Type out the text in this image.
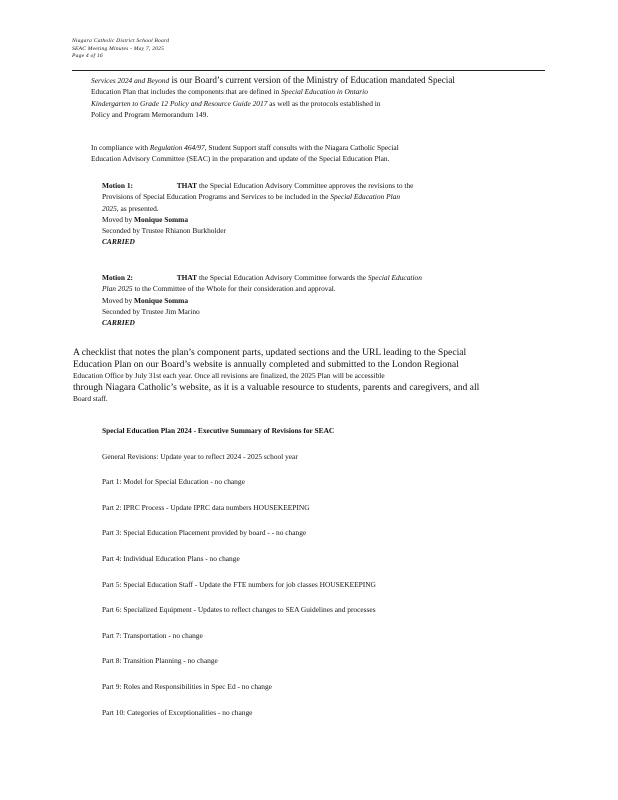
Niagara Catholic District School Board
SEAC Meeting Minutes - May 7, 2025
Page 4 of 16
Services 2024 and Beyond is our Board’s current version of the Ministry of Education mandated Special
Education Plan that includes the components that are defined in Special Education in Ontario
Kindergarten to Grade 12 Policy and Resource Guide 2017 as well as the protocols established in
Policy and Program Memorandum 149.
In compliance with Regulation 464/97, Student Support staff consults with the Niagara Catholic Special
Education Advisory Committee (SEAC) in the preparation and update of the Special Education Plan.
Motion 1:	THAT the Special Education Advisory Committee approves the revisions to the
Provisions of Special Education Programs and Services to be included in the Special Education Plan
2025, as presented.
Moved by Monique Somma
Seconded by Trustee Rhianon Burkholder
CARRIED
Motion 2:	THAT the Special Education Advisory Committee forwards the Special Education
Plan 2025 to the Committee of the Whole for their consideration and approval.
Moved by Monique Somma
Seconded by Trustee Jim Marino
CARRIED
A checklist that notes the plan’s component parts, updated sections and the URL leading to the Special
Education Plan on our Board’s website is annually completed and submitted to the London Regional
Education Office by July 31st each year. Once all revisions are finalized, the 2025 Plan will be accessible
through Niagara Catholic’s website, as it is a valuable resource to students, parents and caregivers, and all
Board staff.
Special Education Plan 2024 - Executive Summary of Revisions for SEAC
General Revisions: Update year to reflect 2024 - 2025 school year
Part 1: Model for Special Education - no change
Part 2: IPRC Process - Update IPRC data numbers HOUSEKEEPING
Part 3: Special Education Placement provided by board - - no change
Part 4: Individual Education Plans - no change
Part 5: Special Education Staff - Update the FTE numbers for job classes HOUSEKEEPING
Part 6: Specialized Equipment - Updates to reflect changes to SEA Guidelines and processes
Part 7: Transportation - no change
Part 8: Transition Planning - no change
Part 9: Roles and Responsibilities in Spec Ed - no change
Part 10: Categories of Exceptionalities - no change
